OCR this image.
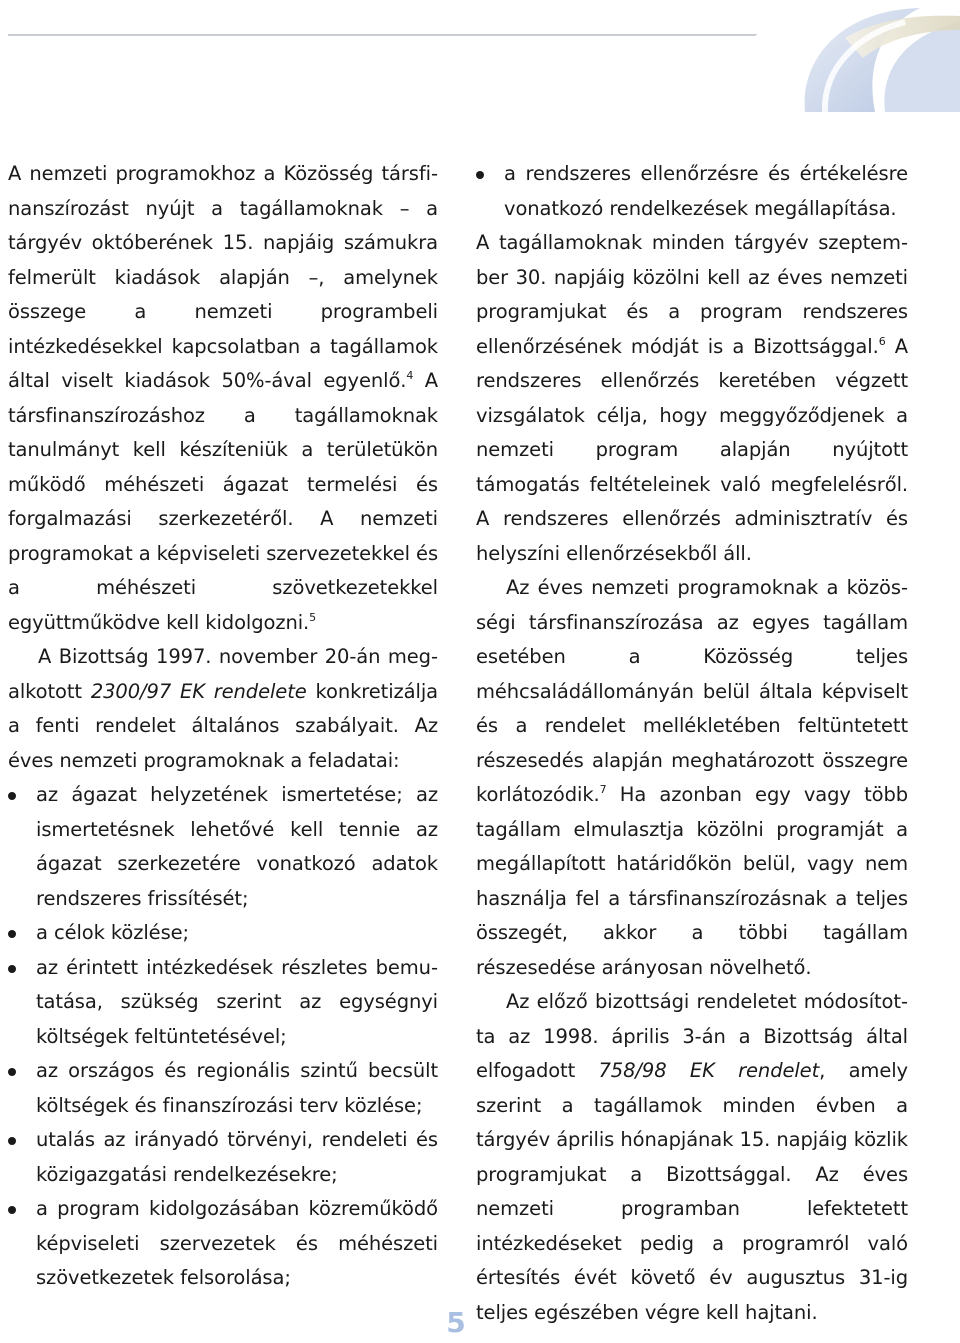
A nemzeti programokhoz a Közösség társfinanszírozást nyújt a tagállamoknak – a tárgyév októberének 15. napjáig számukra felmerült kiadások alapján –, amelynek összege a nemzeti programbeli intézkedésekkel kapcsolatban a tagállamok által viselt kiadások 50%-ával egyenlő.$^4$ A társfinanszírozáshoz a tagállamoknak tanulmányt kell készíteniük a területükön működő méhészeti ágazat termelési és forgalmazási szerkezetéről. A nemzeti programokat a képviseleti szervezetekkel és a méhészeti szövetkezetekkel együttműködve kell kidolgozni.$^5$

A Bizottság 1997. november 20-án megalkotott 2300/97 EK rendelete konkretizálja a fenti rendelet általános szabályait. Az éves nemzeti programoknak a feladatai:

az ágazat helyzetének ismertetése; az ismertetésnek lehetővé kell tennie az ágazat szerkezetére vonatkozó adatok rendszeres frissítését;
a célok közlése;
az érintett intézkedések részletes bemutatása, szükség szerint az egységnyi költségek feltüntetésével;
az országos és regionális szintű becsült költségek és finanszírozási terv közlése;
utalás az irányadó törvényi, rendeleti és közigazgatási rendelkezésekre;
a program kidolgozásában közreműködő képviseleti szervezetek és méhészeti szövetkezetek felsorolása;
a rendszeres ellenőrzésre és értékelésre vonatkozó rendelkezések megállapítása.

A tagállamoknak minden tárgyév szeptember 30. napjáig közölni kell az éves nemzeti programjukat és a program rendszeres ellenőrzésének módját is a Bizottsággal.$^6$ A rendszeres ellenőrzés keretében végzett vizsgálatok célja, hogy meggyőződjenek a nemzeti program alapján nyújtott támogatás feltételeinek való megfelelésről. A rendszeres ellenőrzés adminisztratív és helyszíni ellenőrzésekből áll.

Az éves nemzeti programoknak a közösségi társfinanszírozása az egyes tagállam esetében a Közösség teljes méhcsaládállományán belül általa képviselt és a rendelet mellékletében feltüntetett részesedés alapján meghatározott összegre korlátozódik.$^7$ Ha azonban egy vagy több tagállam elmulasztja közölni programját a megállapított határidőkön belül, vagy nem használja fel a társfinanszírozásnak a teljes összegét, akkor a többi tagállam részesedése arányosan növelhető.

Az előző bizottsági rendeletet módosította az 1998. április 3-án a Bizottság által elfogadott 758/98 EK rendelet, amely szerint a tagállamok minden évben a tárgyév április hónapjának 15. napjáig közlik programjukat a Bizottsággal. Az éves nemzeti programban lefektetett intézkedéseket pedig a programról való értesítés évét követő év augusztus 31-ig teljes egészében végre kell hajtani.

5
